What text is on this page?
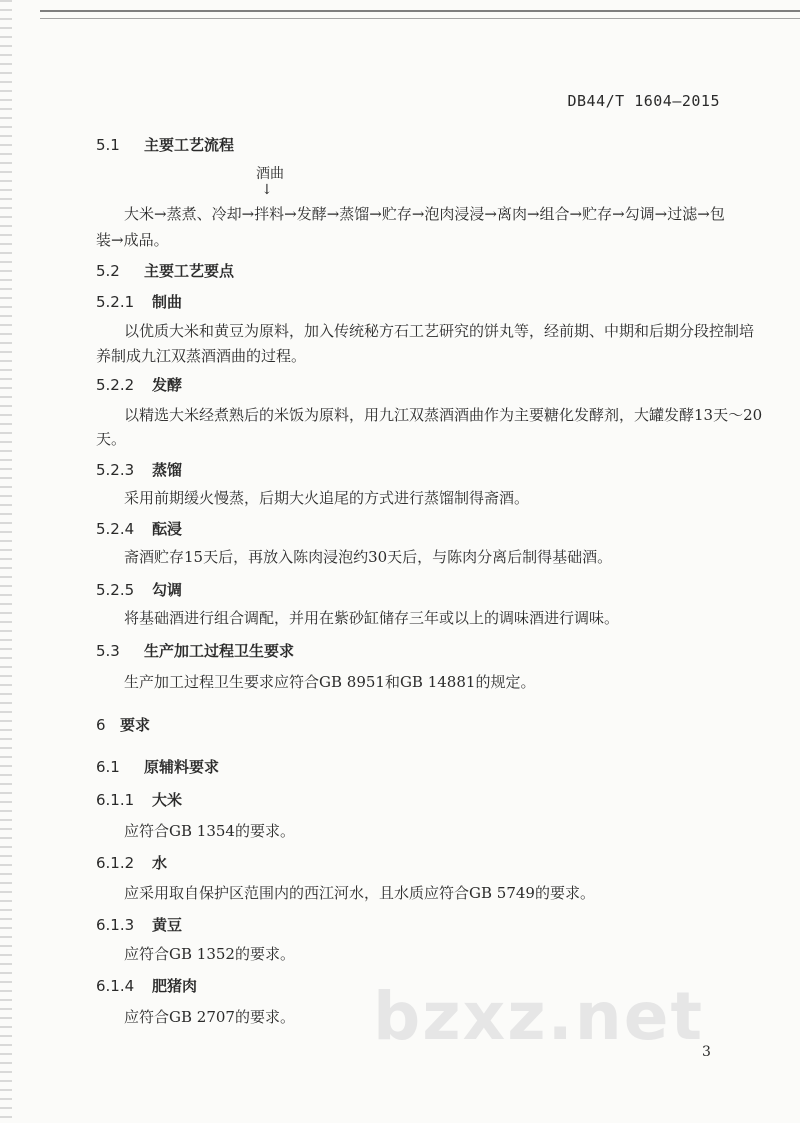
DB44/T 1604—2015
5.1 主要工艺流程
酒曲
↓
大米→蒸煮、冷却→拌料→发酵→蒸馏→贮存→泡肉浸浸→离肉→组合→贮存→勾调→过滤→包
装→成品。
5.2 主要工艺要点
5.2.1 制曲
以优质大米和黄豆为原料，加入传统秘方石工艺研究的饼丸等，经前期、中期和后期分段控制培
养制成九江双蒸酒酒曲的过程。
5.2.2 发酵
以精选大米经煮熟后的米饭为原料，用九江双蒸酒酒曲作为主要糖化发酵剂，大罐发酵13天～20
天。
5.2.3 蒸馏
采用前期缓火慢蒸，后期大火追尾的方式进行蒸馏制得斋酒。
5.2.4 酝浸
斋酒贮存15天后，再放入陈肉浸泡约30天后，与陈肉分离后制得基础酒。
5.2.5 勾调
将基础酒进行组合调配，并用在紫砂缸储存三年或以上的调味酒进行调味。
5.3 生产加工过程卫生要求
生产加工过程卫生要求应符合GB 8951和GB 14881的规定。
6 要求
6.1 原辅料要求
6.1.1 大米
应符合GB 1354的要求。
6.1.2 水
应采用取自保护区范围内的西江河水，且水质应符合GB 5749的要求。
6.1.3 黄豆
应符合GB 1352的要求。
6.1.4 肥猪肉
应符合GB 2707的要求。 bzxz.net
3
